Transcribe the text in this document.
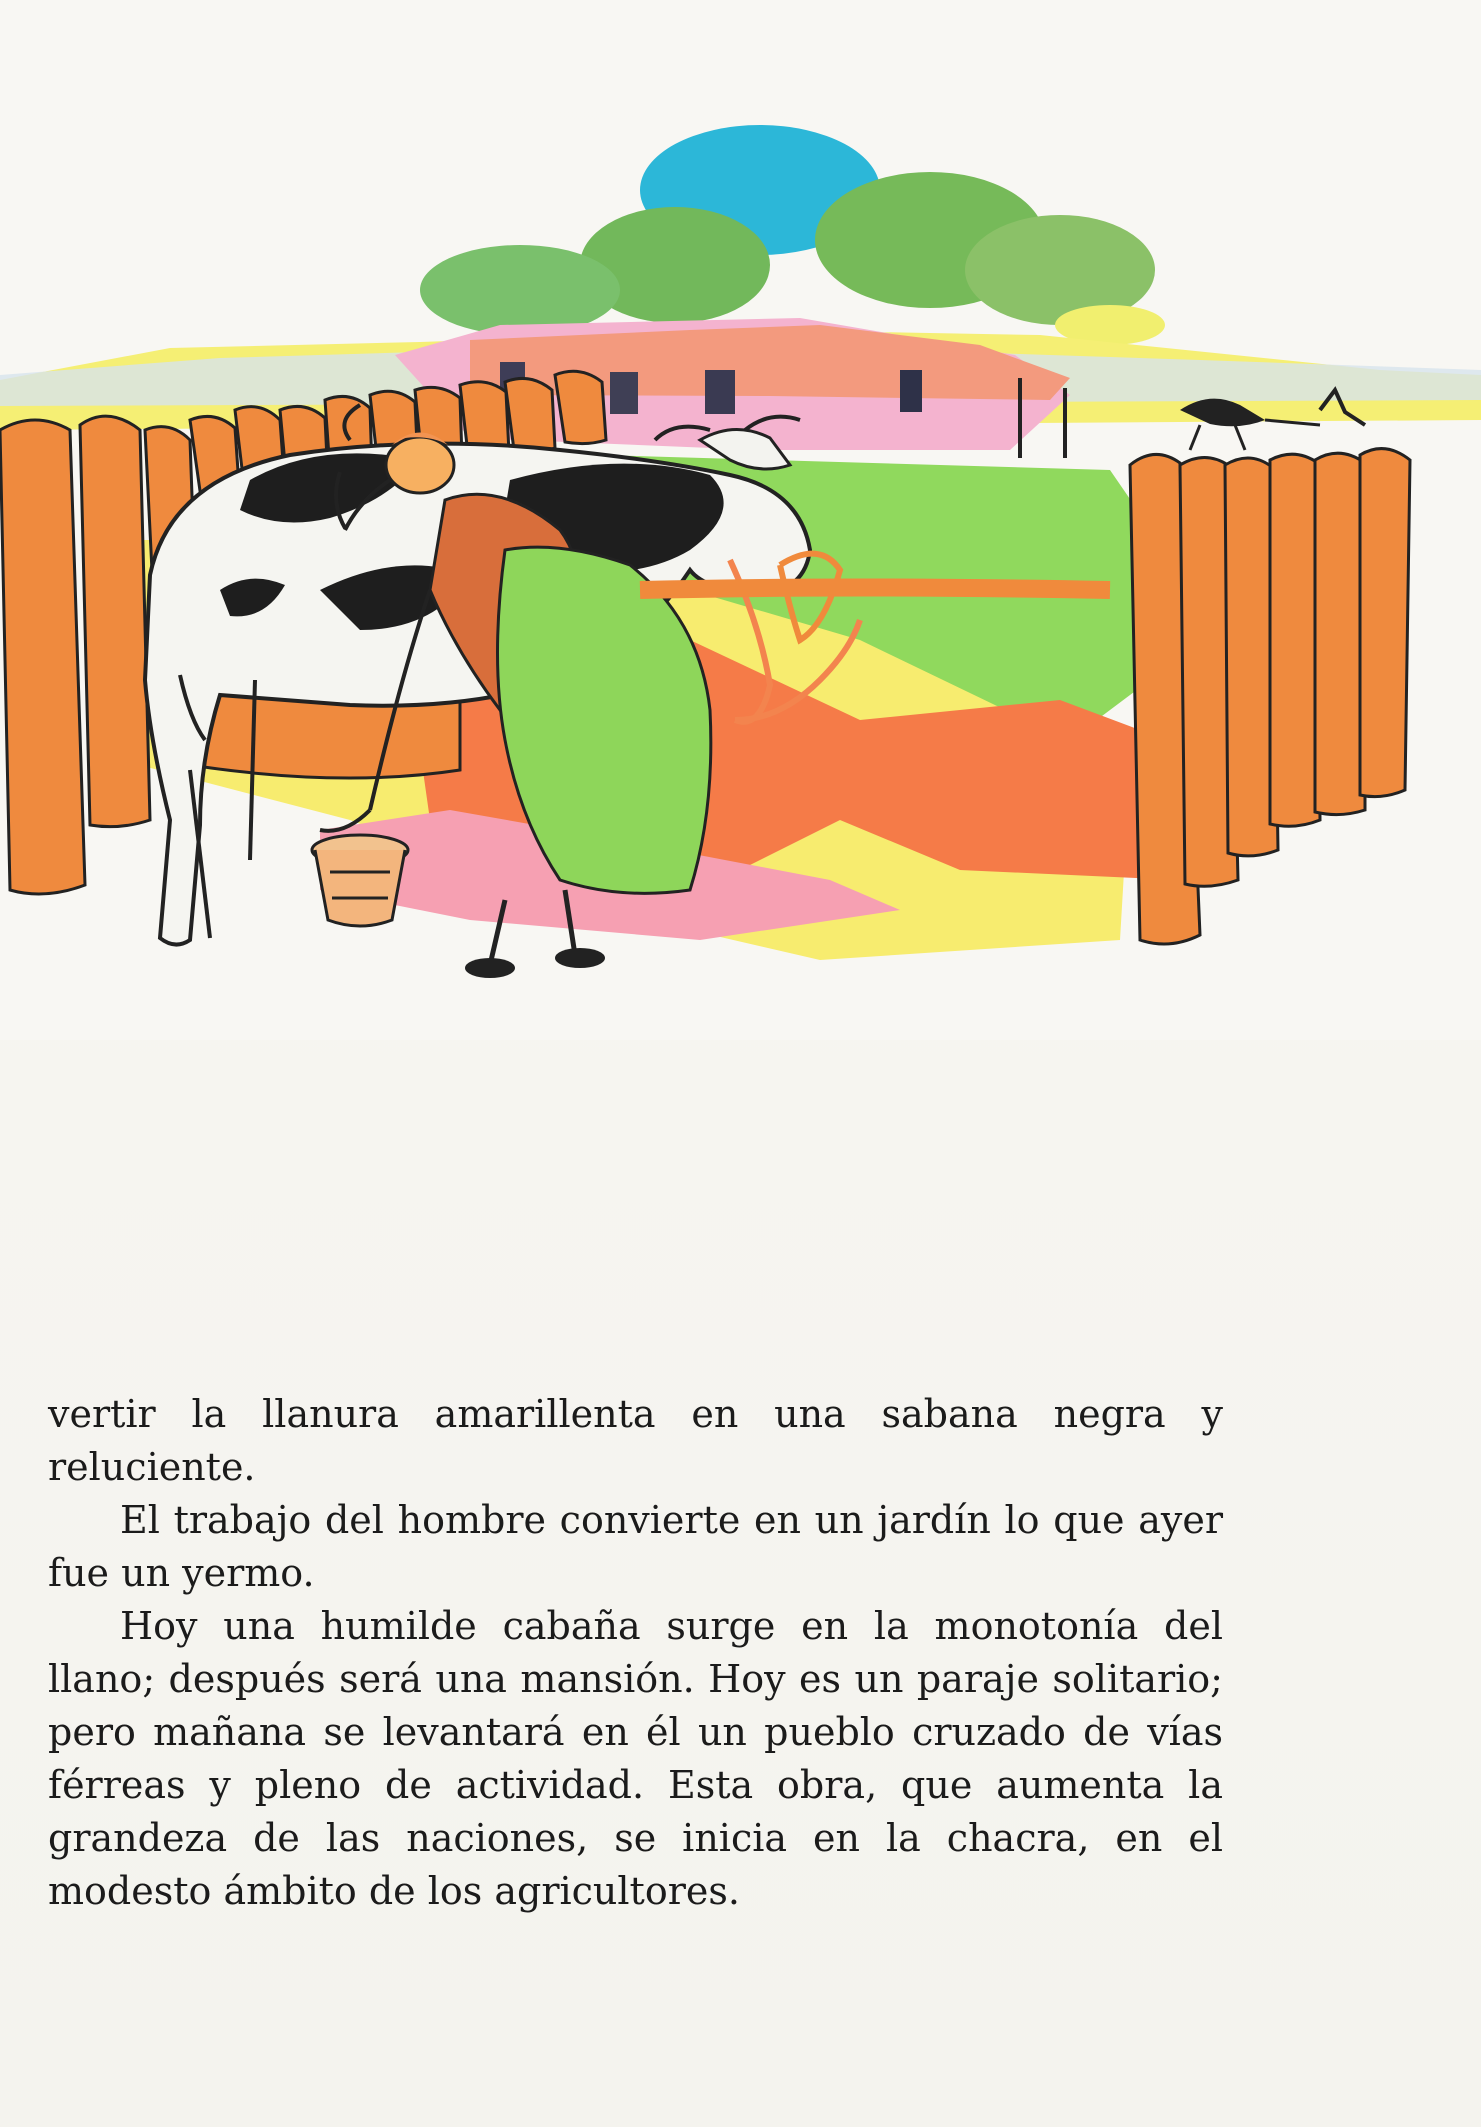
vertir la llanura amarillenta en una sabana negra y reluciente.

El trabajo del hombre convierte en un jardín lo que ayer fue un yermo.

Hoy una humilde cabaña surge en la monotonía del llano; después será una mansión. Hoy es un paraje solitario; pero mañana se levantará en él un pueblo cruzado de vías férreas y pleno de actividad. Esta obra, que aumenta la grandeza de las naciones, se inicia en la chacra, en el modesto ámbito de los agricultores.
